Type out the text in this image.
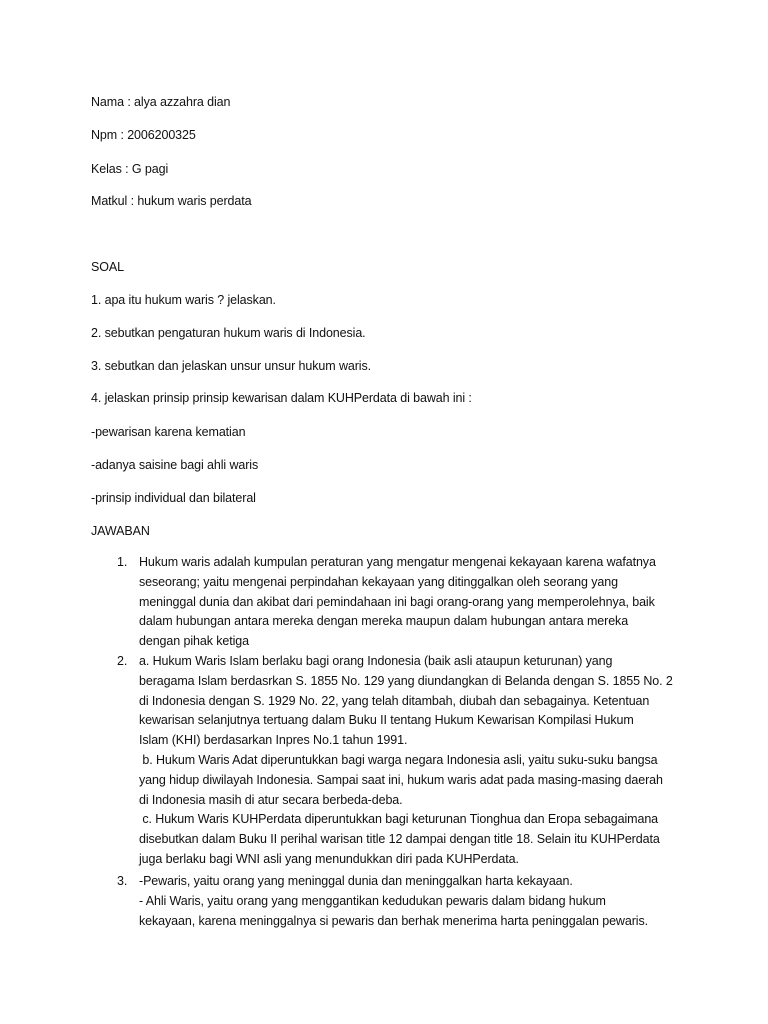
Nama : alya azzahra dian
Npm : 2006200325
Kelas : G pagi
Matkul : hukum waris perdata
SOAL
1. apa itu hukum waris ? jelaskan.
2. sebutkan pengaturan hukum waris di Indonesia.
3. sebutkan dan jelaskan unsur unsur hukum waris.
4. jelaskan prinsip prinsip kewarisan dalam KUHPerdata di bawah ini :
-pewarisan karena kematian
-adanya saisine bagi ahli waris
-prinsip individual dan bilateral
JAWABAN
1. Hukum waris adalah kumpulan peraturan yang mengatur mengenai kekayaan karena wafatnya
seseorang; yaitu mengenai perpindahan kekayaan yang ditinggalkan oleh seorang yang
meninggal dunia dan akibat dari pemindahaan ini bagi orang-orang yang memperolehnya, baik
dalam hubungan antara mereka dengan mereka maupun dalam hubungan antara mereka
dengan pihak ketiga
2. a. Hukum Waris Islam berlaku bagi orang Indonesia (baik asli ataupun keturunan) yang
beragama Islam berdasrkan S. 1855 No. 129 yang diundangkan di Belanda dengan S. 1855 No. 2
di Indonesia dengan S. 1929 No. 22, yang telah ditambah, diubah dan sebagainya. Ketentuan
kewarisan selanjutnya tertuang dalam Buku II tentang Hukum Kewarisan Kompilasi Hukum
Islam (KHI) berdasarkan Inpres No.1 tahun 1991.
b. Hukum Waris Adat diperuntukkan bagi warga negara Indonesia asli, yaitu suku-suku bangsa
yang hidup diwilayah Indonesia. Sampai saat ini, hukum waris adat pada masing-masing daerah
di Indonesia masih di atur secara berbeda-deba.
c. Hukum Waris KUHPerdata diperuntukkan bagi keturunan Tionghua dan Eropa sebagaimana
disebutkan dalam Buku II perihal warisan title 12 dampai dengan title 18. Selain itu KUHPerdata
juga berlaku bagi WNI asli yang menundukkan diri pada KUHPerdata.
3. -Pewaris, yaitu orang yang meninggal dunia dan meninggalkan harta kekayaan.
- Ahli Waris, yaitu orang yang menggantikan kedudukan pewaris dalam bidang hukum
kekayaan, karena meninggalnya si pewaris dan berhak menerima harta peninggalan pewaris.
